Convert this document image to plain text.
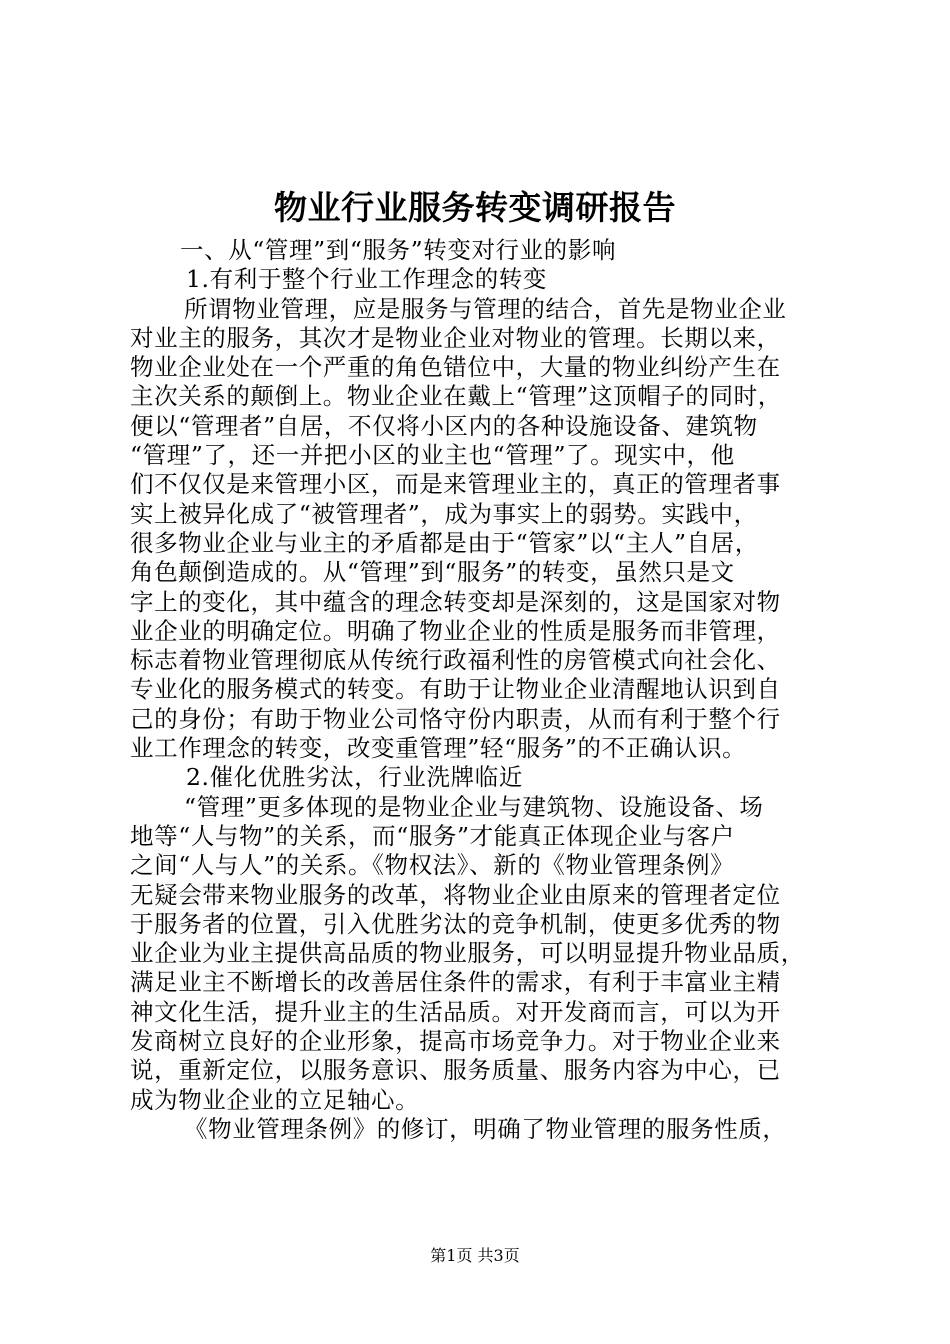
物业行业服务转变调研报告
一、从“管理”到“服务”转变对行业的影响
1.有利于整个行业工作理念的转变
所谓物业管理，应是服务与管理的结合，首先是物业企业
对业主的服务，其次才是物业企业对物业的管理。长期以来，
物业企业处在一个严重的角色错位中，大量的物业纠纷产生在
主次关系的颠倒上。物业企业在戴上“管理”这顶帽子的同时，
便以“管理者”自居，不仅将小区内的各种设施设备、建筑物
“管理”了，还一并把小区的业主也“管理”了。现实中，他
们不仅仅是来管理小区，而是来管理业主的，真正的管理者事
实上被异化成了“被管理者”，成为事实上的弱势。实践中，
很多物业企业与业主的矛盾都是由于“管家”以“主人”自居，
角色颠倒造成的。从“管理”到“服务”的转变，虽然只是文
字上的变化，其中蕴含的理念转变却是深刻的，这是国家对物
业企业的明确定位。明确了物业企业的性质是服务而非管理，
标志着物业管理彻底从传统行政福利性的房管模式向社会化、
专业化的服务模式的转变。有助于让物业企业清醒地认识到自
己的身份；有助于物业公司恪守份内职责，从而有利于整个行
业工作理念的转变，改变重管理”轻“服务”的不正确认识。
2.催化优胜劣汰，行业洗牌临近
“管理”更多体现的是物业企业与建筑物、设施设备、场
地等“人与物”的关系，而“服务”才能真正体现企业与客户
之间“人与人”的关系。《物权法》、新的《物业管理条例》
无疑会带来物业服务的改革，将物业企业由原来的管理者定位
于服务者的位置，引入优胜劣汰的竞争机制，使更多优秀的物
业企业为业主提供高品质的物业服务，可以明显提升物业品质，
满足业主不断增长的改善居住条件的需求，有利于丰富业主精
神文化生活，提升业主的生活品质。对开发商而言，可以为开
发商树立良好的企业形象，提高市场竞争力。对于物业企业来
说，重新定位，以服务意识、服务质量、服务内容为中心，已
成为物业企业的立足轴心。
《物业管理条例》的修订，明确了物业管理的服务性质，
第1页 共3页
